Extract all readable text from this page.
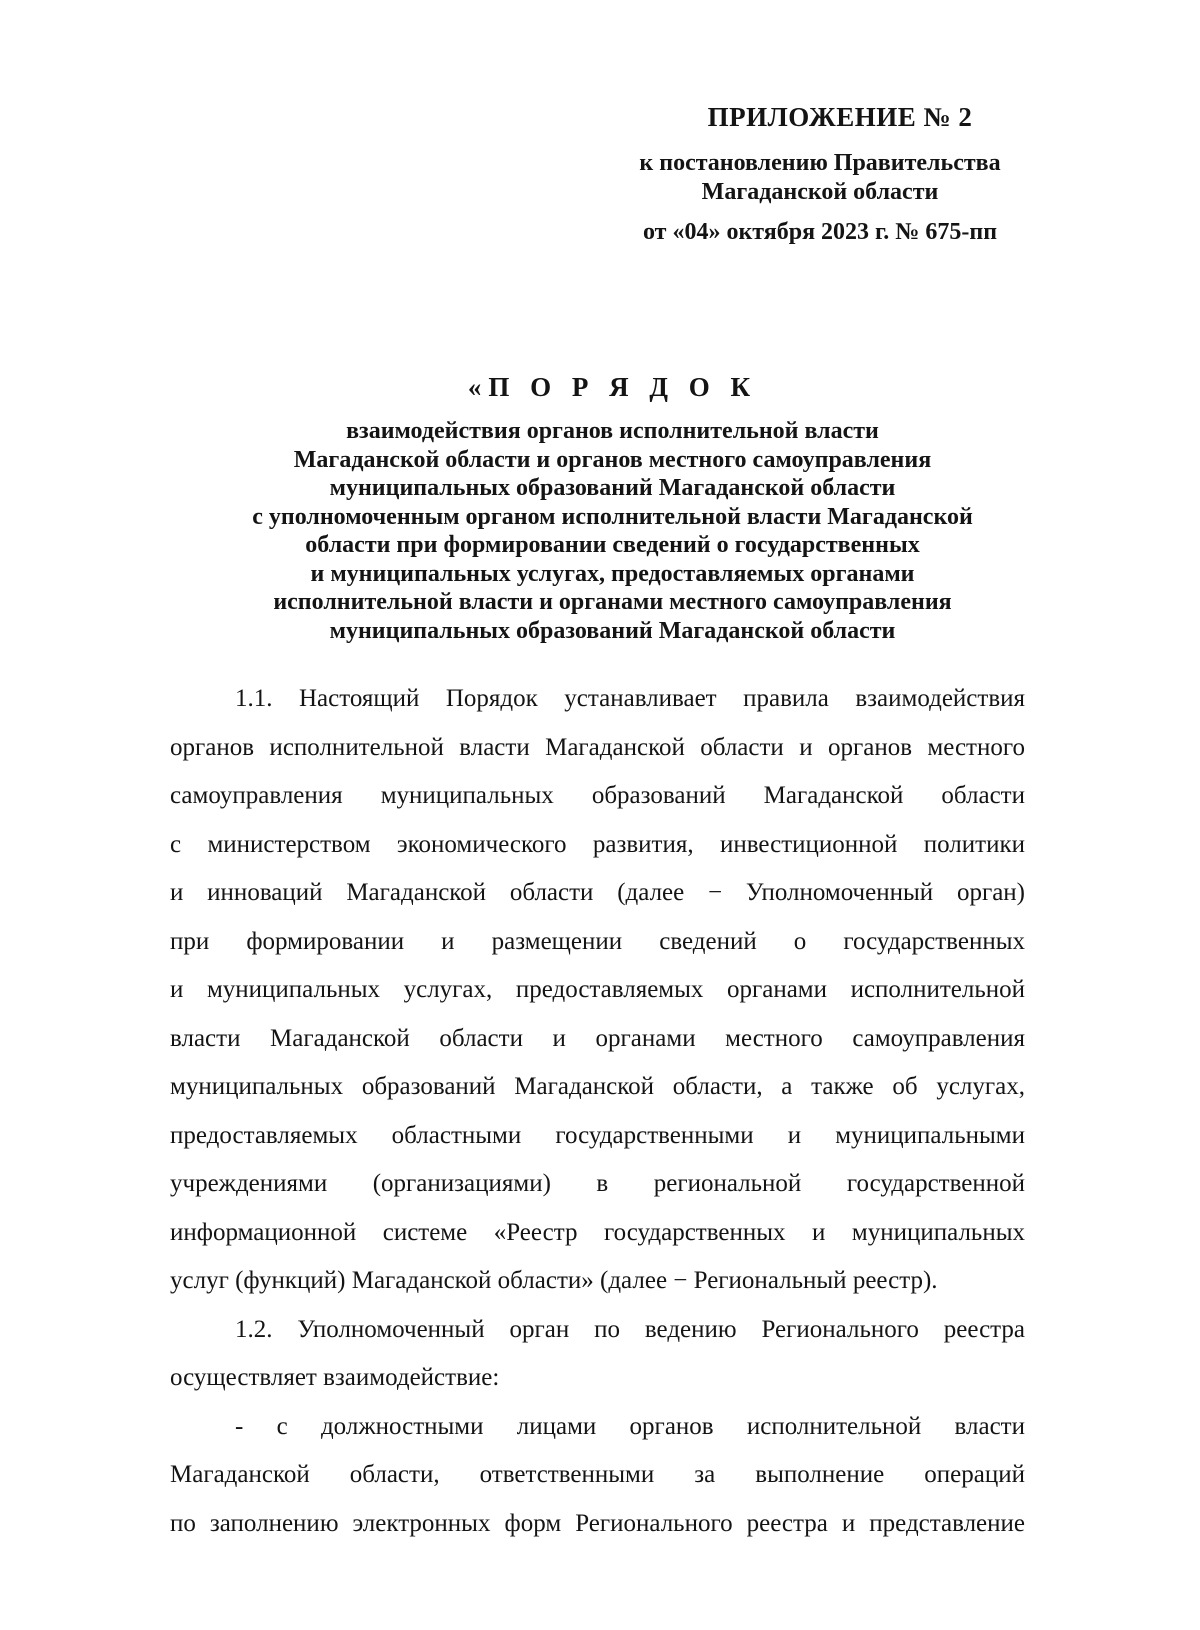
ПРИЛОЖЕНИЕ № 2
к постановлению Правительства
Магаданской области
от «04» октября 2023 г. № 675-пп
«П О Р Я Д О К
взаимодействия органов исполнительной власти
Магаданской области и органов местного самоуправления
муниципальных образований Магаданской области
с уполномоченным органом исполнительной власти Магаданской
области при формировании сведений о государственных
и муниципальных услугах, предоставляемых органами
исполнительной власти и органами местного самоуправления
муниципальных образований Магаданской области
1.1. Настоящий Порядок устанавливает правила взаимодействия
органов исполнительной власти Магаданской области и органов местного
самоуправления муниципальных образований Магаданской области
с министерством экономического развития, инвестиционной политики
и инноваций Магаданской области (далее − Уполномоченный орган)
при формировании и размещении сведений о государственных
и муниципальных услугах, предоставляемых органами исполнительной
власти Магаданской области и органами местного самоуправления
муниципальных образований Магаданской области, а также об услугах,
предоставляемых областными государственными и муниципальными
учреждениями (организациями) в региональной государственной
информационной системе «Реестр государственных и муниципальных
услуг (функций) Магаданской области» (далее − Региональный реестр).
1.2. Уполномоченный орган по ведению Регионального реестра
осуществляет взаимодействие:
- с должностными лицами органов исполнительной власти
Магаданской области, ответственными за выполнение операций
по заполнению электронных форм Регионального реестра и представление
